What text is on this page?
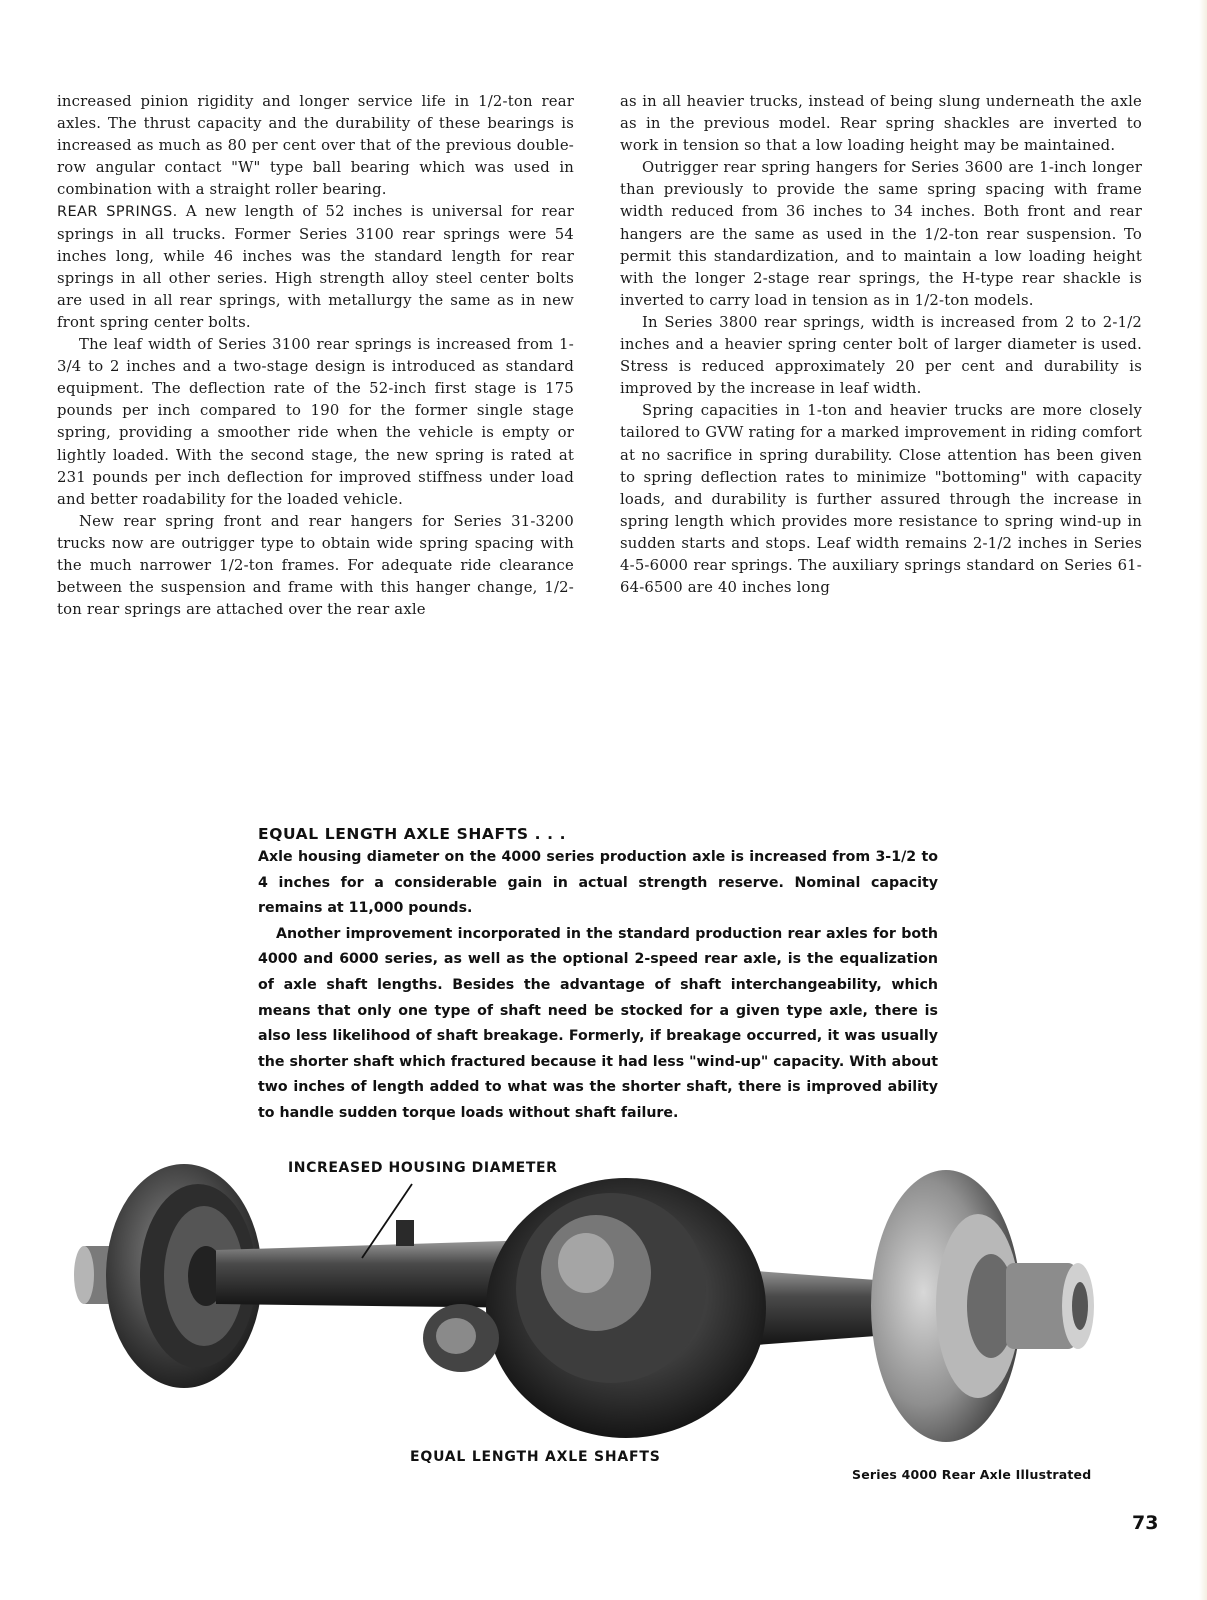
increased pinion rigidity and longer service life in 1/2-ton rear axles. The thrust capacity and the durability of these bearings is increased as much as 80 per cent over that of the previous double-row angular contact "W" type ball bearing which was used in combination with a straight roller bearing.

REAR SPRINGS. A new length of 52 inches is universal for rear springs in all trucks. Former Series 3100 rear springs were 54 inches long, while 46 inches was the standard length for rear springs in all other series. High strength alloy steel center bolts are used in all rear springs, with metallurgy the same as in new front spring center bolts.

The leaf width of Series 3100 rear springs is increased from 1-3/4 to 2 inches and a two-stage design is introduced as standard equipment. The deflection rate of the 52-inch first stage is 175 pounds per inch compared to 190 for the former single stage spring, providing a smoother ride when the vehicle is empty or lightly loaded. With the second stage, the new spring is rated at 231 pounds per inch deflection for improved stiffness under load and better roadability for the loaded vehicle.

New rear spring front and rear hangers for Series 31-3200 trucks now are outrigger type to obtain wide spring spacing with the much narrower 1/2-ton frames. For adequate ride clearance between the suspension and frame with this hanger change, 1/2-ton rear springs are attached over the rear axle

as in all heavier trucks, instead of being slung underneath the axle as in the previous model. Rear spring shackles are inverted to work in tension so that a low loading height may be maintained.

Outrigger rear spring hangers for Series 3600 are 1-inch longer than previously to provide the same spring spacing with frame width reduced from 36 inches to 34 inches. Both front and rear hangers are the same as used in the 1/2-ton rear suspension. To permit this standardization, and to maintain a low loading height with the longer 2-stage rear springs, the H-type rear shackle is inverted to carry load in tension as in 1/2-ton models.

In Series 3800 rear springs, width is increased from 2 to 2-1/2 inches and a heavier spring center bolt of larger diameter is used. Stress is reduced approximately 20 per cent and durability is improved by the increase in leaf width.

Spring capacities in 1-ton and heavier trucks are more closely tailored to GVW rating for a marked improvement in riding comfort at no sacrifice in spring durability. Close attention has been given to spring deflection rates to minimize "bottoming" with capacity loads, and durability is further assured through the increase in spring length which provides more resistance to spring wind-up in sudden starts and stops. Leaf width remains 2-1/2 inches in Series 4-5-6000 rear springs. The auxiliary springs standard on Series 61-64-6500 are 40 inches long

EQUAL LENGTH AXLE SHAFTS . . .

Axle housing diameter on the 4000 series production axle is increased from 3-1/2 to 4 inches for a considerable gain in actual strength reserve. Nominal capacity remains at 11,000 pounds.

Another improvement incorporated in the standard production rear axles for both 4000 and 6000 series, as well as the optional 2-speed rear axle, is the equalization of axle shaft lengths. Besides the advantage of shaft interchangeability, which means that only one type of shaft need be stocked for a given type axle, there is also less likelihood of shaft breakage. Formerly, if breakage occurred, it was usually the shorter shaft which fractured because it had less "wind-up" capacity. With about two inches of length added to what was the shorter shaft, there is improved ability to handle sudden torque loads without shaft failure.

INCREASED HOUSING DIAMETER
EQUAL LENGTH AXLE SHAFTS
Series 4000 Rear Axle Illustrated
73
